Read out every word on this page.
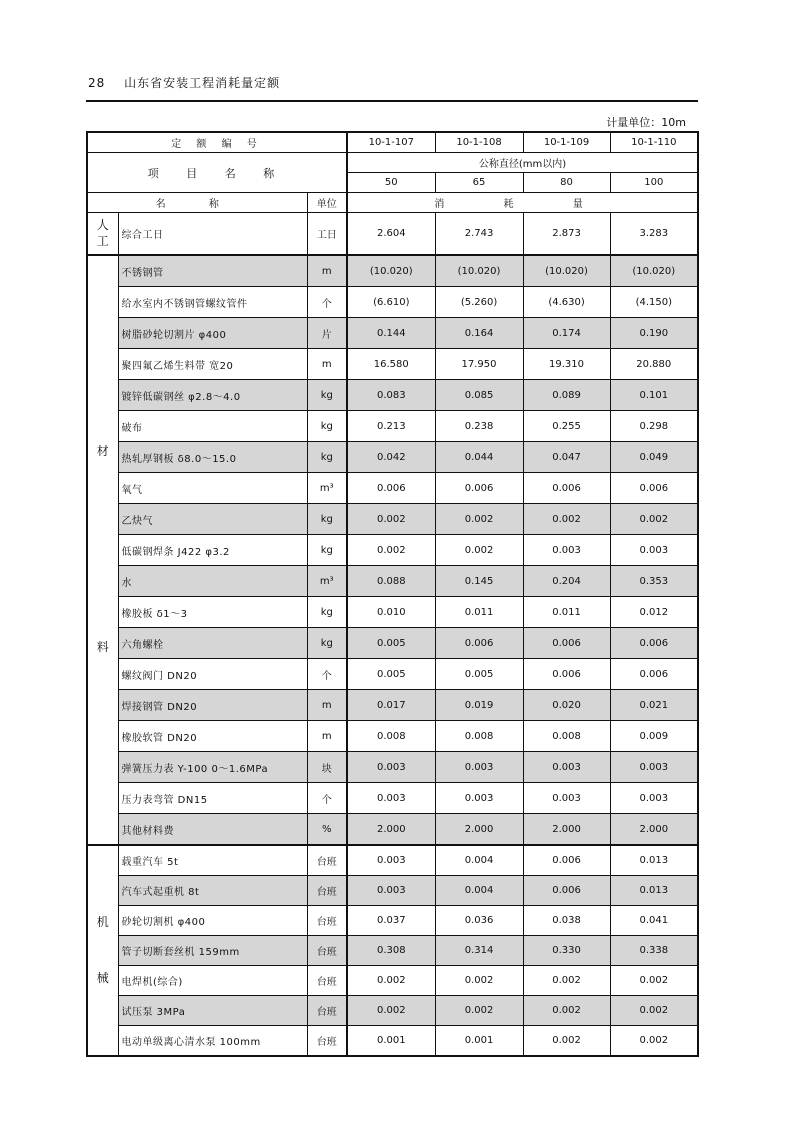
28 山东省安装工程消耗量定额
计量单位：10m
定 额 编 号			10-1-107	10-1-108	10-1-109	10-1-110
项 目 名 称			公称直径(mm以内)			
			50	65	80	100
名 称		单位	消 耗 量			

人
工	综合工日	工日	2.604	2.743	2.873	3.283

材
料	不锈钢管	m	(10.020)	(10.020)	(10.020)	(10.020)
	给水室内不锈钢管螺纹管件	个	(6.610)	(5.260)	(4.630)	(4.150)
	树脂砂轮切割片 φ400	片	0.144	0.164	0.174	0.190
	聚四氟乙烯生料带 宽20	m	16.580	17.950	19.310	20.880
	镀锌低碳钢丝 φ2.8～4.0	kg	0.083	0.085	0.089	0.101
	破布	kg	0.213	0.238	0.255	0.298
	热轧厚钢板 δ8.0～15.0	kg	0.042	0.044	0.047	0.049
	氧气	m³	0.006	0.006	0.006	0.006
	乙炔气	kg	0.002	0.002	0.002	0.002
	低碳钢焊条 J422 φ3.2	kg	0.002	0.002	0.003	0.003
	水	m³	0.088	0.145	0.204	0.353
	橡胶板 δ1～3	kg	0.010	0.011	0.011	0.012
	六角螺栓	kg	0.005	0.006	0.006	0.006
	螺纹阀门 DN20	个	0.005	0.005	0.006	0.006
	焊接钢管 DN20	m	0.017	0.019	0.020	0.021
	橡胶软管 DN20	m	0.008	0.008	0.008	0.009
	弹簧压力表 Y-100 0～1.6MPa	块	0.003	0.003	0.003	0.003
	压力表弯管 DN15	个	0.003	0.003	0.003	0.003
	其他材料费	%	2.000	2.000	2.000	2.000

机
械	载重汽车 5t	台班	0.003	0.004	0.006	0.013
	汽车式起重机 8t	台班	0.003	0.004	0.006	0.013
	砂轮切割机 φ400	台班	0.037	0.036	0.038	0.041
	管子切断套丝机 159mm	台班	0.308	0.314	0.330	0.338
	电焊机(综合)	台班	0.002	0.002	0.002	0.002
	试压泵 3MPa	台班	0.002	0.002	0.002	0.002
	电动单级离心清水泵 100mm	台班	0.001	0.001	0.002	0.002
